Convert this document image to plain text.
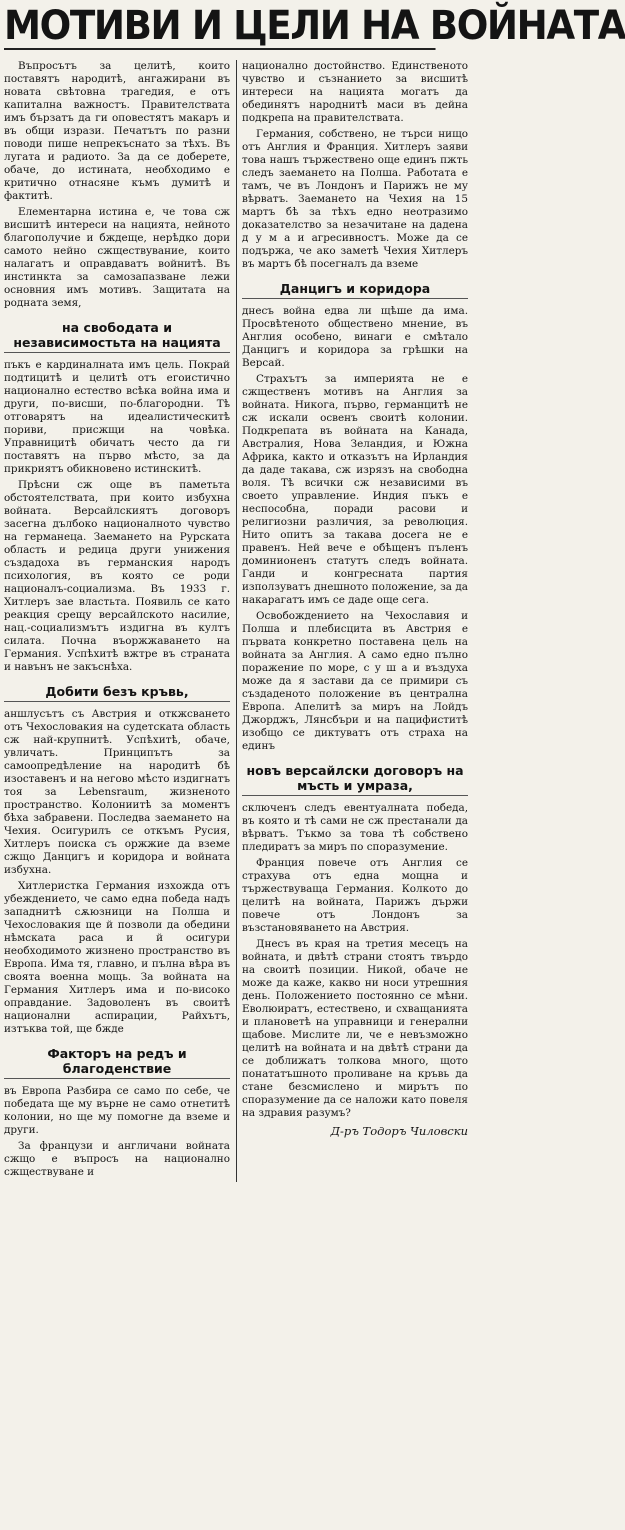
МОТИВИ И ЦЕЛИ НА ВОЙНАТА

Въпросътъ за целитѣ, които поставятъ народитѣ, ангажирани въ новата свѣтовна трагедия, е отъ капитална важностъ. Правителствата имъ бързатъ да ги оповестятъ макаръ и въ общи изрази. Печатътъ по разни поводи пише непрекъснато за тѣхъ. Въ лугата и радиото. За да се доберете, обаче, до истината, необходимо е критично отнасяне къмъ думитѣ и фактитѣ.

Елементарна истина е, че това сж висшитѣ интереси на нацията, нейното благополучие и бждеще, нерѣдко дори самото нейно сжществувание, които налагатъ и оправдаватъ войнитѣ. Въ инстинкта за самозапазване лежи основния имъ мотивъ. Защитата на родната земя,

на свободата и независимостьта на нацията

пъкъ е кардиналната имъ цель. Покрай подтицитѣ и целитѣ отъ егоистично национално естество всѣка война има и други, по-висши, по-благородни. Тѣ отговарятъ на идеалистическитѣ пориви, присжщи на човѣка. Управницитѣ обичатъ често да ги поставятъ на първо мѣсто, за да прикриятъ обикновено истинскитѣ.

Прѣсни сж още въ паметьта обстоятелствата, при които избухна войната. Версайлскиятъ договоръ засегна дълбоко националното чувство на германеца. Заемането на Рурската область и редица други унижения създадоха въ германския народъ психология, въ която се роди националъ-социализма. Въ 1933 г. Хитлеръ зае властьта. Появиль се като реакция срещу версайлското насилие, нац.-социализмътъ издигна въ култъ силата. Почна въоржжаването на Германия. Успѣхитѣ вжтре въ страната и навънъ не закъснѣха.

Добити безъ кръвь,

аншлусътъ съ Австрия и откжсването отъ Чехословакия на судетската область сж най-крупнитѣ. Успѣхитѣ, обаче, увличатъ. Принципътъ за самоопредѣление на народитѣ бѣ изоставенъ и на негово мѣсто издигнатъ тоя за Lebensraum, жизненото пространство. Колониитѣ за моментъ бѣха забравени. Последва заемането на Чехия. Осигурилъ се откъмъ Русия, Хитлеръ поиска съ оржжие да вземе сжщо Данцигъ и коридора и войната избухна.

Хитлеристка Германия изхожда отъ убеждението, че само една победа надъ западнитѣ сѫюзници на Полша и Чехословакия ще й позволи да обедини нѣмската раса и й осигури необходимото жизнено пространство въ Европа. Има тя, главно, и пълна вѣра въ своята военна мощь. За войната на Германия Хитлеръ има и по-високо оправдание. Задоволенъ въ своитѣ национални аспирации, Райхътъ, изтъква той, ще бжде

Факторъ на редъ и благоденствие

въ Европа Разбира се само по себе, че победата ще му върне не само отнетитѣ колонии, но ще му помогне да вземе и други.

За французи и англичани войната сжщо е въпросъ на национално сжществуване и

национално достойнство. Единственото чувство и съзнанието за висшитѣ интереси на нацията могатъ да обединятъ народнитѣ маси въ дейна подкрепа на правителствата.

Германия, собствено, не търси нищо отъ Англия и Франция. Хитлеръ заяви това нашъ тържествено още единъ пжть следъ заемането на Полша. Работата е тамъ, че въ Лондонъ и Парижъ не му вѣрватъ. Заемането на Чехия на 15 мартъ бѣ за тѣхъ едно неотразимо доказателство за незачитане на дадена д у м а и агресивностъ. Може да се подържа, че ако заметѣ Чехия Хитлеръ въ мартъ бѣ посегналъ да вземе

Данцигъ и коридора

днесъ война едва ли щѣше да има. Просвѣтеното обществено мнение, въ Англия особено, винаги е смѣтало Данцигъ и коридора за грѣшки на Версай.

Страхътъ за империята не е сжщественъ мотивъ на Англия за войната. Никога, първо, германцитѣ не сж искали освенъ своитѣ колонии. Подкрепата въ войната на Канада, Австралия, Нова Зеландия, и Южна Африка, както и отказътъ на Ирландия да даде такава, сж изрязъ на свободна воля. Тѣ всички сж независими въ своето управление. Индия пъкъ е неспособна, поради расови и религиозни различия, за революция. Нито опитъ за такава досега не е правенъ. Ней вече е обѣщенъ пъленъ доминионенъ статутъ следъ войната. Ганди и конгресната партия използуватъ днешното положение, за да накарагатъ имъ се даде още сега.

Освобождението на Чехославия и Полша и плебисцита въ Австрия е първата конкретно поставена цель на войната за Англия. А само едно пълно поражение по море, с у ш а и въздуха може да я застави да се примири съ създаденото положение въ централна Европа. Апелитѣ за миръ на Лойдъ Джорджъ, Лянсбъри и на пацифиститѣ изобщо се диктуватъ отъ страха на единъ

новъ версайлски договоръ на мъсть и умраза,

сключенъ следъ евентуалната победа, въ която и тѣ сами не сж престанали да вѣрватъ. Тъкмо за това тѣ собствено пледиратъ за миръ по споразумение.

Франция повече отъ Англия се страхува отъ една мощна и тържествуваща Германия. Колкото до целитѣ на войната, Парижъ държи повече отъ Лондонъ за възстановяването на Австрия.

Днесъ въ края на третия месецъ на войната, и двѣтѣ страни стоятъ твърдо на своитѣ позиции. Никой, обаче не може да каже, какво ни носи утрешния день. Положението постоянно се мѣни. Еволюиратъ, естествено, и схващанията и плановетѣ на управници и генерални щабове. Мислите ли, че е невъзможно целитѣ на войната и на двѣтѣ страни да се доближатъ толкова много, щото понататъшното проливане на кръвь да стане безсмислено и мирътъ по споразумение да се наложи като повеля на здравия разумъ?

Д-ръ Тодоръ Чиловски
